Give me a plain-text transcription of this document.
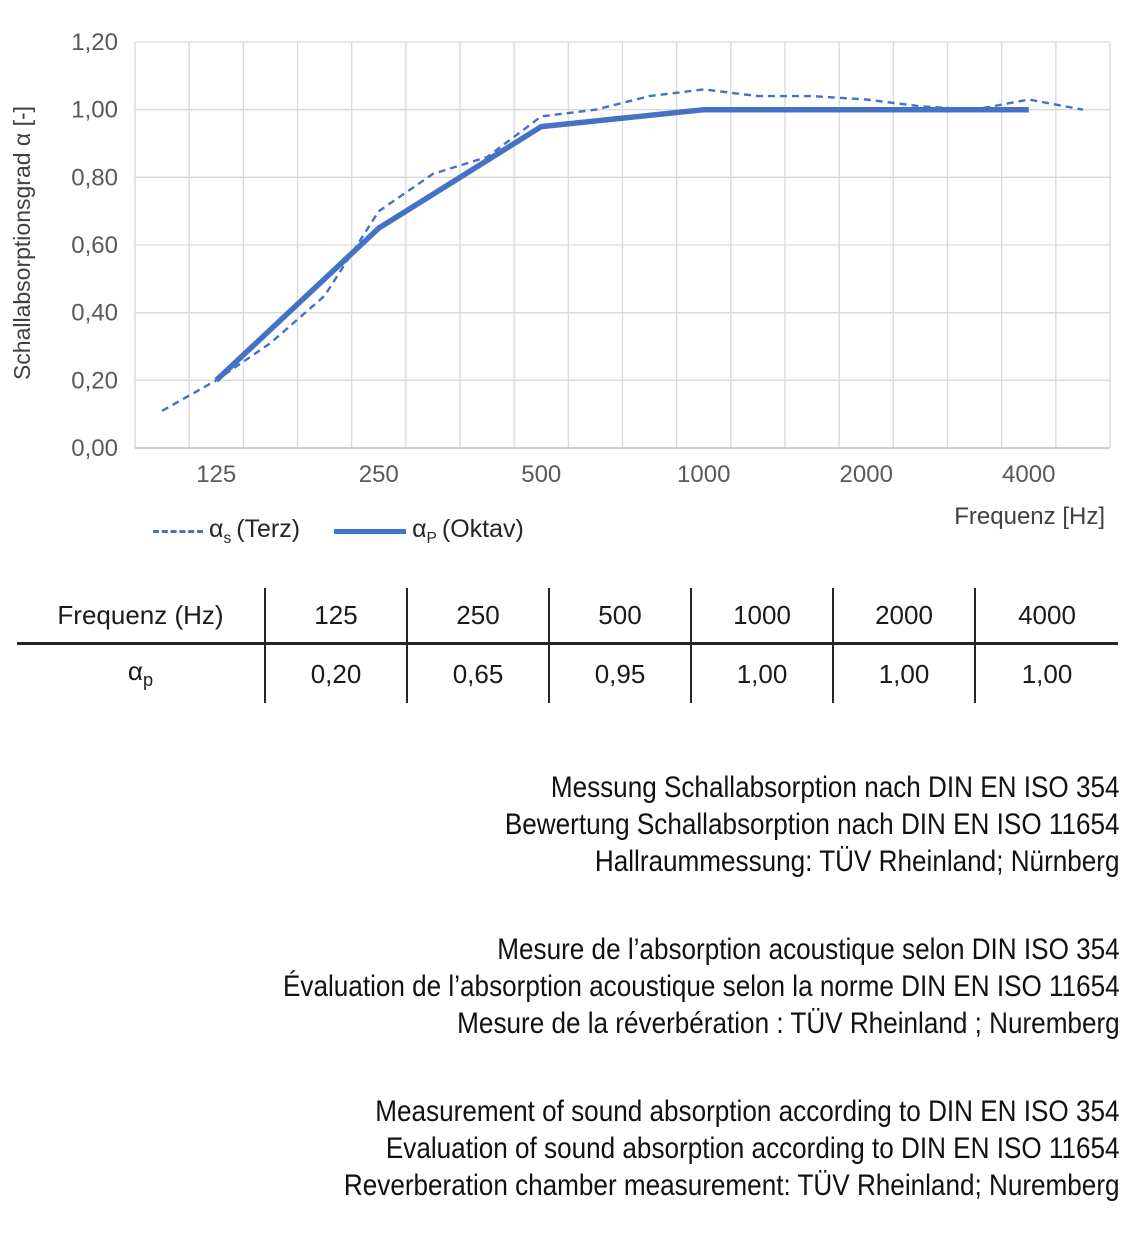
1,20
1,00
0,80
0,60
0,40
0,20
0,00
125	250	500	1000	2000	4000
Schallabsorptionsgrad α [-]
Frequenz [Hz]
$\alpha_s$ (Terz)	$\alpha_P$ (Oktav)
Frequenz (Hz)	125	250	500	1000	2000	4000
$\alpha_p$	0,20	0,65	0,95	1,00	1,00	1,00
Messung Schallabsorption nach DIN EN ISO 354
Bewertung Schallabsorption nach DIN EN ISO 11654
Hallraummessung: TÜV Rheinland; Nürnberg
Mesure de l’absorption acoustique selon DIN ISO 354
Évaluation de l’absorption acoustique selon la norme DIN EN ISO 11654
Mesure de la réverbération : TÜV Rheinland ; Nuremberg
Measurement of sound absorption according to DIN EN ISO 354
Evaluation of sound absorption according to DIN EN ISO 11654
Reverberation chamber measurement: TÜV Rheinland; Nuremberg
